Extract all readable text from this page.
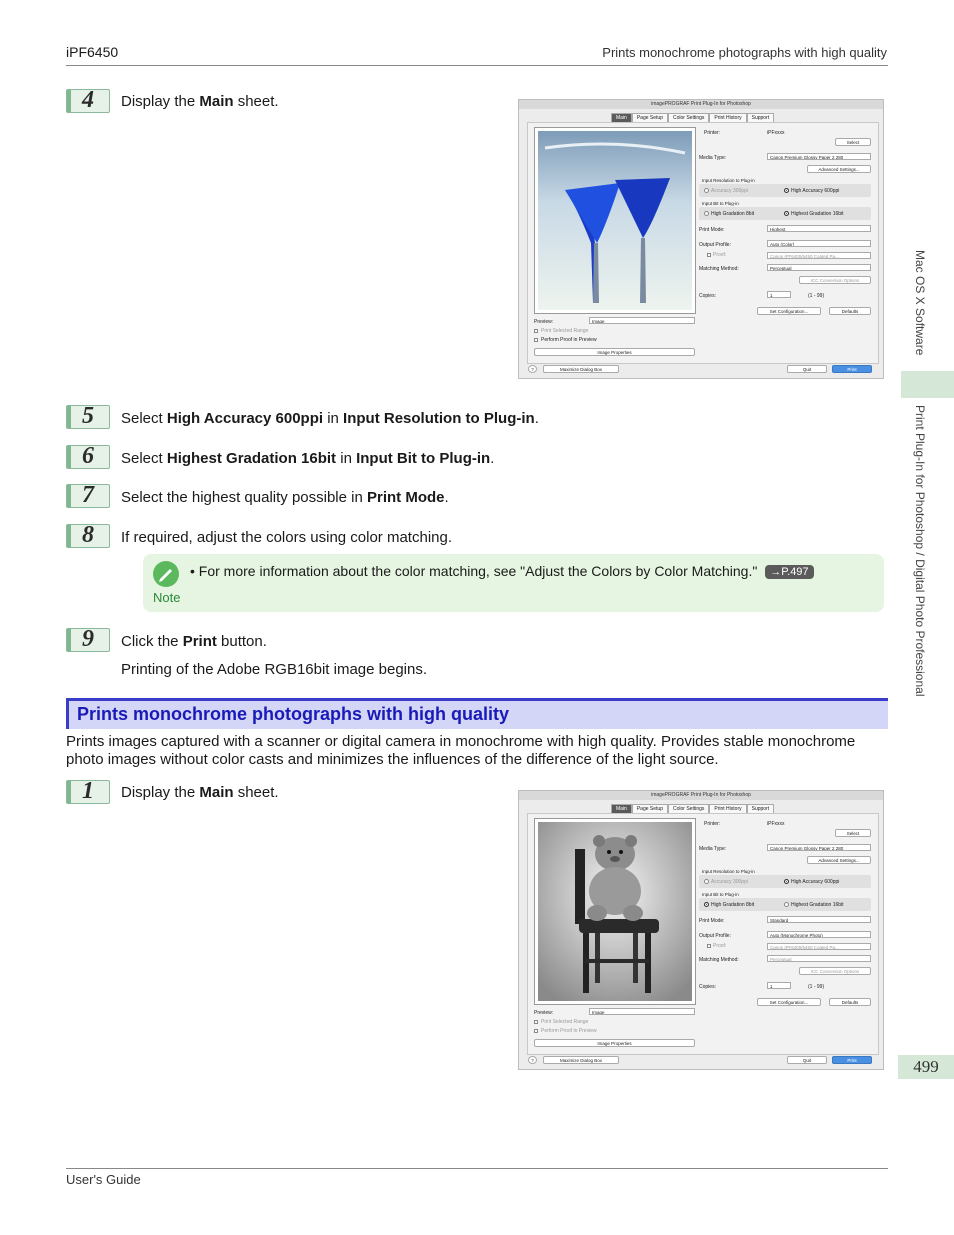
iPF6450	Prints monochrome photographs with high quality
User's Guide
Mac OS X Software
Print Plug-In for Photoshop / Digital Photo Professional
499
4	Display the Main sheet.	imagePROGRAF Print Plug-In for Photoshop
Main	Page Setup	Color Settings	Print History	Support
Printer:	iPFxxxx
Select
Media Type:	Canon Premium Glossy Paper 2 280
Advanced Settings...
Input Resolution to Plug-in
Accuracy 300ppi	High Accuracy 600ppi
Input Bit to Plug-in
High Gradation 8bit	Highest Gradation 16bit
Print Mode:	Highest
Output Profile:	Auto (Color)
Proof:	Canon iPF6400/6450 Coated Pa...
Matching Method:	Perceptual
ICC Conversion Options
Copies:	1	(1 - 99)
Set Configuration...	Defaults
Preview:	Image
Print Selected Range
Perform Proof in Preview
Image Properties
?	Maximize Dialog Box	Quit	Print
5	Select High Accuracy 600ppi in Input Resolution to Plug-in.
6	Select Highest Gradation 16bit in Input Bit to Plug-in.
7	Select the highest quality possible in Print Mode.
8	If required, adjust the colors using color matching.
Note
• For more information about the color matching, see "Adjust the Colors by Color Matching." →P.497
9	Click the Print button.
Printing of the Adobe RGB16bit image begins.
Prints monochrome photographs with high quality
Prints images captured with a scanner or digital camera in monochrome with high quality. Provides stable monochrome photo images without color casts and minimizes the influences of the difference of the light source.
1	Display the Main sheet.	imagePROGRAF Print Plug-In for Photoshop
Main	Page Setup	Color Settings	Print History	Support
Printer:	iPFxxxx
Select
Media Type:	Canon Premium Glossy Paper 2 280
Advanced Settings...
Input Resolution to Plug-in
Accuracy 300ppi	High Accuracy 600ppi
Input Bit to Plug-in
High Gradation 8bit	Highest Gradation 16bit
Print Mode:	Standard
Output Profile:	Auto (Monochrome Photo)
Proof:	Canon iPF6400/6450 Coated Pa...
Matching Method:	Perceptual
ICC Conversion Options
Copies:	1	(1 - 99)
Set Configuration...	Defaults
Preview:	Image
Print Selected Range
Perform Proof in Preview
Image Properties
?	Maximize Dialog Box	Quit	Print
